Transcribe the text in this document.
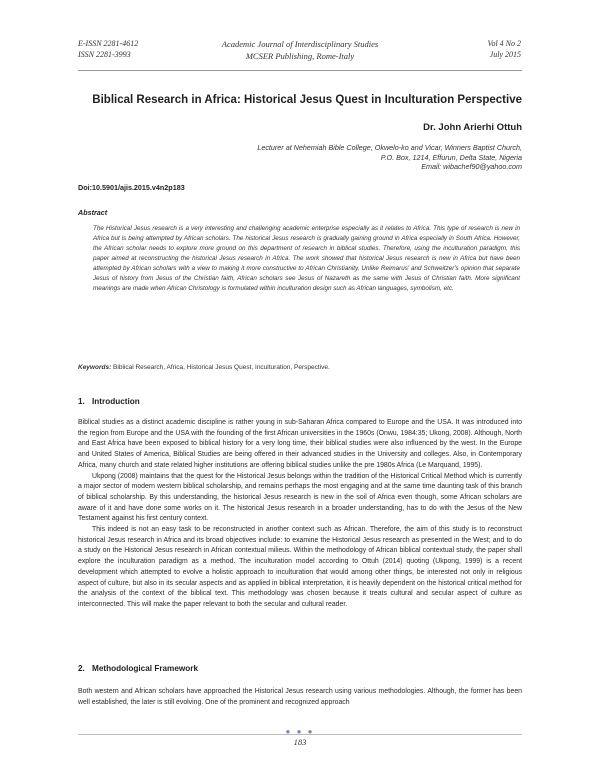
E-ISSN 2281-4612
ISSN 2281-3993
Academic Journal of Interdisciplinary Studies
MCSER Publishing, Rome-Italy
Vol 4 No 2
July 2015
Biblical Research in Africa: Historical Jesus Quest in Inculturation Perspective
Dr. John Arierhi Ottuh
Lecturer at Nehemiah Bible College, Okwelo-ko and Vicar, Winners Baptist Church,
P.O. Box, 1214, Effurun, Delta State, Nigeria
Email: wibachef90@yahoo.com
Doi:10.5901/ajis.2015.v4n2p183
Abstract
The Historical Jesus research is a very interesting and challenging academic enterprise especially as it relates to Africa. This type of research is new in Africa but is being attempted by African scholars. The historical Jesus research is gradually gaining ground in Africa especially in South Africa. However, the African scholar needs to explore more ground on this department of research in biblical studies. Therefore, using the inculturation paradigm, this paper aimed at reconstructing the historical Jesus research in Africa. The work showed that historical Jesus research is new in Africa but have been attempted by African scholars with a view to making it more constructive to African Christianity. Unlike Reimarus' and Schweitzer's opinion that separate Jesus of history from Jesus of the Christian faith, African scholars see Jesus of Nazareth as the same with Jesus of Christian faith. More significant meanings are made when African Christology is formulated within inculturation design such as African languages, symbolism, etc.
Keywords: Biblical Research, Africa, Historical Jesus Quest, Inculturation, Perspective.
1. Introduction

Biblical studies as a distinct academic discipline is rather young in sub-Saharan Africa compared to Europe and the USA. It was introduced into the region from Europe and the USA with the founding of the first African universities in the 1960s (Onwu, 1984:35; Ukong, 2008). Although, North and East Africa have been exposed to biblical history for a very long time, their biblical studies were also influenced by the west. In the Europe and United States of America, Biblical Studies are being offered in their advanced studies in the University and colleges. Also, in Contemporary Africa, many church and state related higher institutions are offering biblical studies unlike the pre 1980s Africa (Le Marquand, 1995).

Ukpong (2008) maintains that the quest for the Historical Jesus belongs within the tradition of the Historical Critical Method which is currently a major sector of modern western biblical scholarship, and remains perhaps the most engaging and at the same time daunting task of this branch of biblical scholarship. By this understanding, the historical Jesus research is new in the soil of Africa even though, some African scholars are aware of it and have done some works on it. The historical Jesus research in a broader understanding, has to do with the Jesus of the New Testament against his first century context.

This indeed is not an easy task to be reconstructed in another context such as African. Therefore, the aim of this study is to reconstruct historical Jesus research in Africa and its broad objectives include: to examine the Historical Jesus research as presented in the West; and to do a study on the Historical Jesus research in African contextual milieus. Within the methodology of African biblical contextual study, the paper shall explore the inculturation paradigm as a method. The inculturation model according to Ottuh (2014) quoting (Ukpong, 1999) is a recent development which attempted to evolve a holistic approach to inculturation that would among other things, be interested not only in religious aspect of culture, but also in its secular aspects and as applied in biblical interpretation, it is heavily dependent on the historical critical method for the analysis of the context of the biblical text. This methodology was chosen because it treats cultural and secular aspect of culture as interconnected. This will make the paper relevant to both the secular and cultural reader.

2. Methodological Framework

Both western and African scholars have approached the Historical Jesus research using various methodologies. Although, the former has been well established, the later is still evolving. One of the prominent and recognized approach

● ● ●
183
